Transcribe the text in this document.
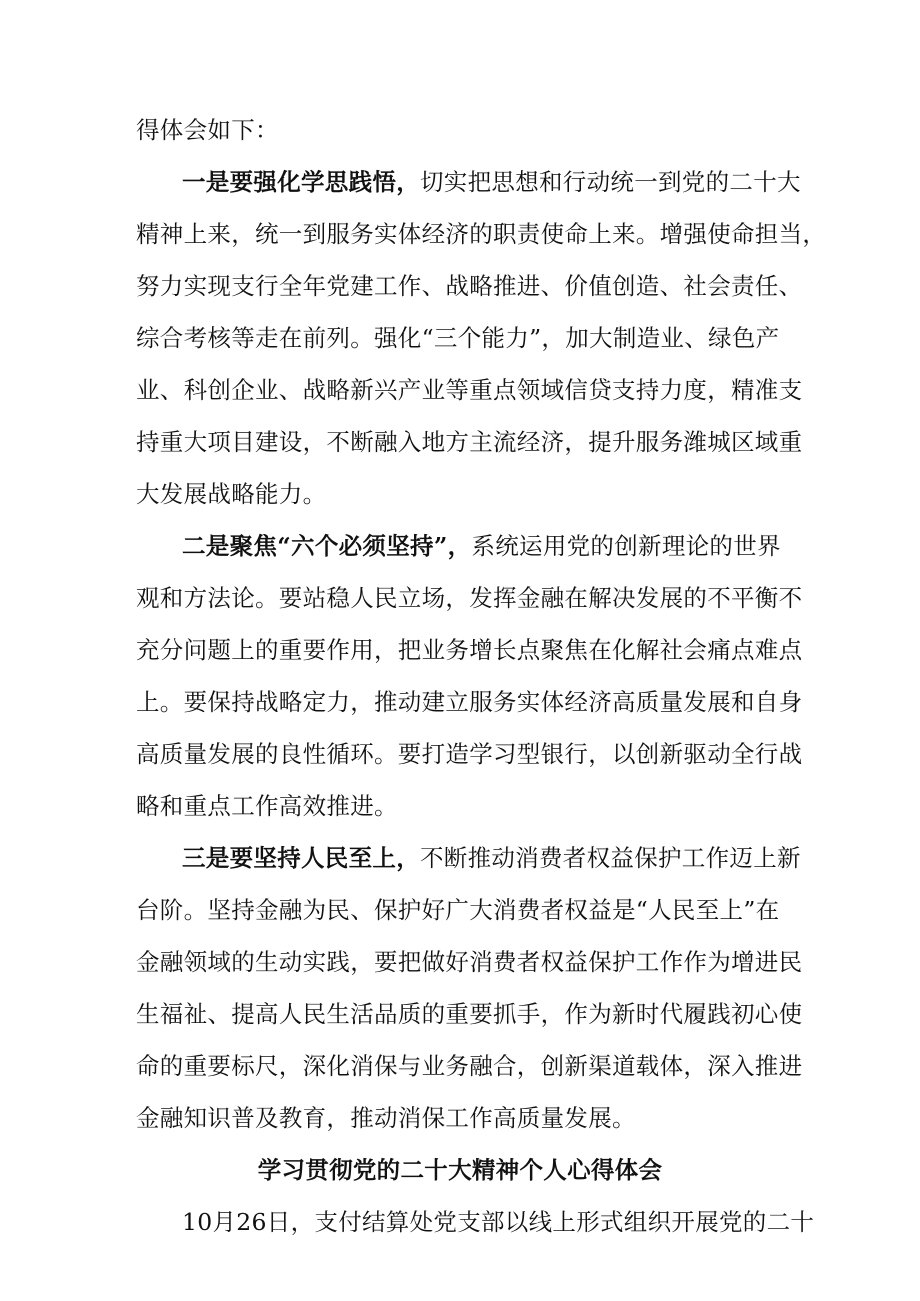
得体会如下：
一是要强化学思践悟，切实把思想和行动统一到党的二十大
精神上来，统一到服务实体经济的职责使命上来。增强使命担当，
努力实现支行全年党建工作、战略推进、价值创造、社会责任、
综合考核等走在前列。强化“三个能力”，加大制造业、绿色产
业、科创企业、战略新兴产业等重点领域信贷支持力度，精准支
持重大项目建设，不断融入地方主流经济，提升服务潍城区域重
大发展战略能力。
二是聚焦“六个必须坚持”，系统运用党的创新理论的世界
观和方法论。要站稳人民立场，发挥金融在解决发展的不平衡不
充分问题上的重要作用，把业务增长点聚焦在化解社会痛点难点
上。要保持战略定力，推动建立服务实体经济高质量发展和自身
高质量发展的良性循环。要打造学习型银行，以创新驱动全行战
略和重点工作高效推进。
三是要坚持人民至上，不断推动消费者权益保护工作迈上新
台阶。坚持金融为民、保护好广大消费者权益是“人民至上”在
金融领域的生动实践，要把做好消费者权益保护工作作为增进民
生福祉、提高人民生活品质的重要抓手，作为新时代履践初心使
命的重要标尺，深化消保与业务融合，创新渠道载体，深入推进
金融知识普及教育，推动消保工作高质量发展。
学习贯彻党的二十大精神个人心得体会
10月26日，支付结算处党支部以线上形式组织开展党的二十
